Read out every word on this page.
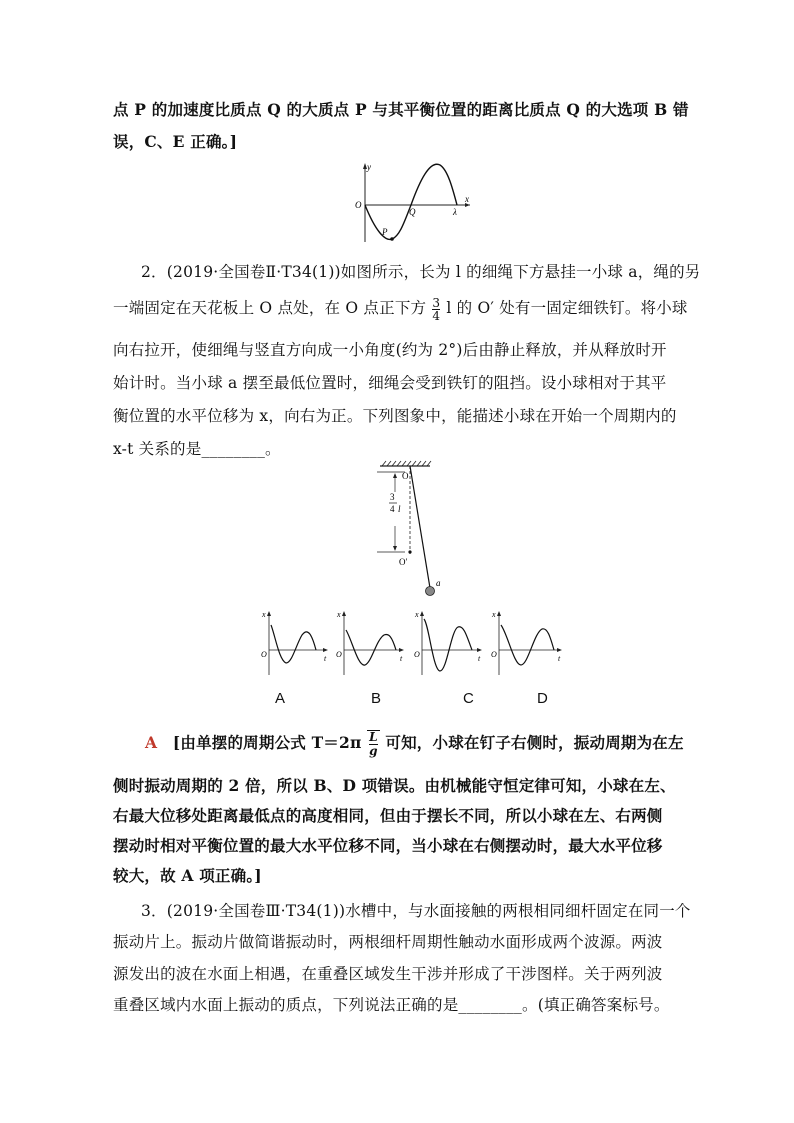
点 P 的加速度比质点 Q 的大质点 P 与其平衡位置的距离比质点 Q 的大选项 B 错
误，C、E 正确。]
y
x
O
Q	λ
P
2．(2019·全国卷Ⅱ·T34(1))如图所示，长为 l 的细绳下方悬挂一小球 a，绳的另
一端固定在天花板上 O 点处，在 O 点正下方 $\frac{3}{4}$ l 的 O′ 处有一固定细铁钉。将小球
向右拉开，使细绳与竖直方向成一小角度(约为 2°)后由静止释放，并从释放时开
始计时。当小球 a 摆至最低位置时，细绳会受到铁钉的阻挡。设小球相对于其平
衡位置的水平位移为 x，向右为正。下列图象中，能描述小球在开始一个周期内的
x-t 关系的是________。
3
4 l
O
O′
a
x
t
O
x
t
O
x
t
O
x
t
O
A	B	C	D
A [由单摆的周期公式 $T=2\pi \frac{L}{g}$ 可知，小球在钉子右侧时，振动周期为在左
侧时振动周期的 2 倍，所以 B、D 项错误。由机械能守恒定律可知，小球在左、
右最大位移处距离最低点的高度相同，但由于摆长不同，所以小球在左、右两侧
摆动时相对平衡位置的最大水平位移不同，当小球在右侧摆动时，最大水平位移
较大，故 A 项正确。]
3．(2019·全国卷Ⅲ·T34(1))水槽中，与水面接触的两根相同细杆固定在同一个
振动片上。振动片做简谐振动时，两根细杆周期性触动水面形成两个波源。两波
源发出的波在水面上相遇，在重叠区域发生干涉并形成了干涉图样。关于两列波
重叠区域内水面上振动的质点，下列说法正确的是________。(填正确答案标号。
